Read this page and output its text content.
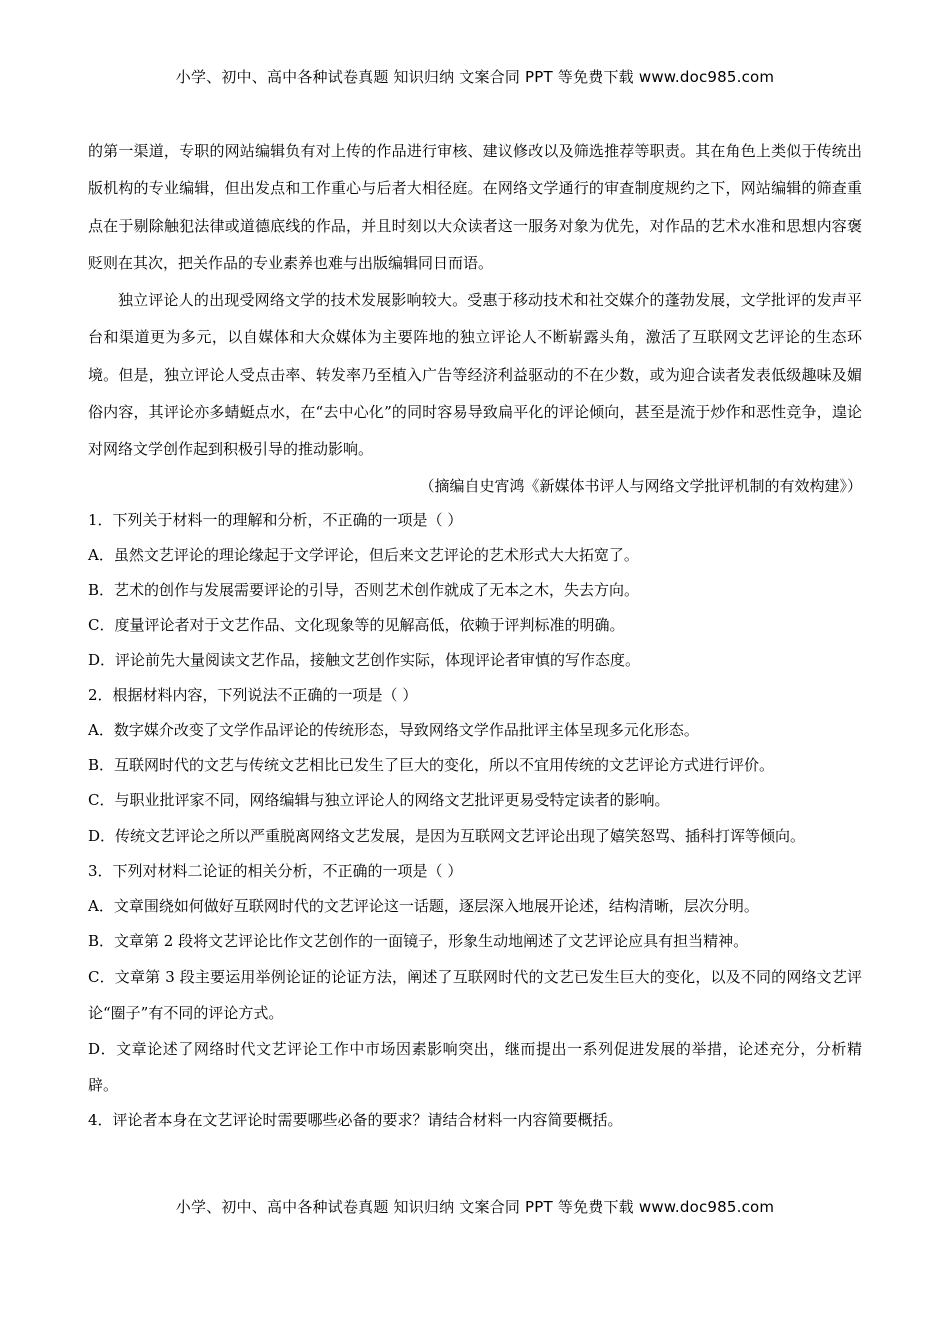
小学、初中、高中各种试卷真题 知识归纳 文案合同 PPT 等免费下载 www.doc985.com

的第一渠道，专职的网站编辑负有对上传的作品进行审核、建议修改以及筛选推荐等职责。其在角色上类似于传统出版机构的专业编辑，但出发点和工作重心与后者大相径庭。在网络文学通行的审查制度规约之下，网站编辑的筛查重点在于剔除触犯法律或道德底线的作品，并且时刻以大众读者这一服务对象为优先，对作品的艺术水准和思想内容褒贬则在其次，把关作品的专业素养也难与出版编辑同日而语。

独立评论人的出现受网络文学的技术发展影响较大。受惠于移动技术和社交媒介的蓬勃发展，文学批评的发声平台和渠道更为多元，以自媒体和大众媒体为主要阵地的独立评论人不断崭露头角，激活了互联网文艺评论的生态环境。但是，独立评论人受点击率、转发率乃至植入广告等经济利益驱动的不在少数，或为迎合读者发表低级趣味及媚俗内容，其评论亦多蜻蜓点水，在“去中心化”的同时容易导致扁平化的评论倾向，甚至是流于炒作和恶性竞争，遑论对网络文学创作起到积极引导的推动影响。

（摘编自史宵鸿《新媒体书评人与网络文学批评机制的有效构建》）

1．下列关于材料一的理解和分析，不正确的一项是（ ）

A．虽然文艺评论的理论缘起于文学评论，但后来文艺评论的艺术形式大大拓宽了。

B．艺术的创作与发展需要评论的引导，否则艺术创作就成了无本之木，失去方向。

C．度量评论者对于文艺作品、文化现象等的见解高低，依赖于评判标准的明确。

D．评论前先大量阅读文艺作品，接触文艺创作实际，体现评论者审慎的写作态度。

2．根据材料内容，下列说法不正确的一项是（ ）

A．数字媒介改变了文学作品评论的传统形态，导致网络文学作品批评主体呈现多元化形态。

B．互联网时代的文艺与传统文艺相比已发生了巨大的变化，所以不宜用传统的文艺评论方式进行评价。

C．与职业批评家不同，网络编辑与独立评论人的网络文艺批评更易受特定读者的影响。

D．传统文艺评论之所以严重脱离网络文艺发展，是因为互联网文艺评论出现了嬉笑怒骂、插科打诨等倾向。

3．下列对材料二论证的相关分析，不正确的一项是（ ）

A．文章围绕如何做好互联网时代的文艺评论这一话题，逐层深入地展开论述，结构清晰，层次分明。

B．文章第 2 段将文艺评论比作文艺创作的一面镜子，形象生动地阐述了文艺评论应具有担当精神。

C．文章第 3 段主要运用举例论证的论证方法，阐述了互联网时代的文艺已发生巨大的变化，以及不同的网络文艺评论“圈子”有不同的评论方式。

D．文章论述了网络时代文艺评论工作中市场因素影响突出，继而提出一系列促进发展的举措，论述充分，分析精辟。

4．评论者本身在文艺评论时需要哪些必备的要求？请结合材料一内容简要概括。

小学、初中、高中各种试卷真题 知识归纳 文案合同 PPT 等免费下载 www.doc985.com
